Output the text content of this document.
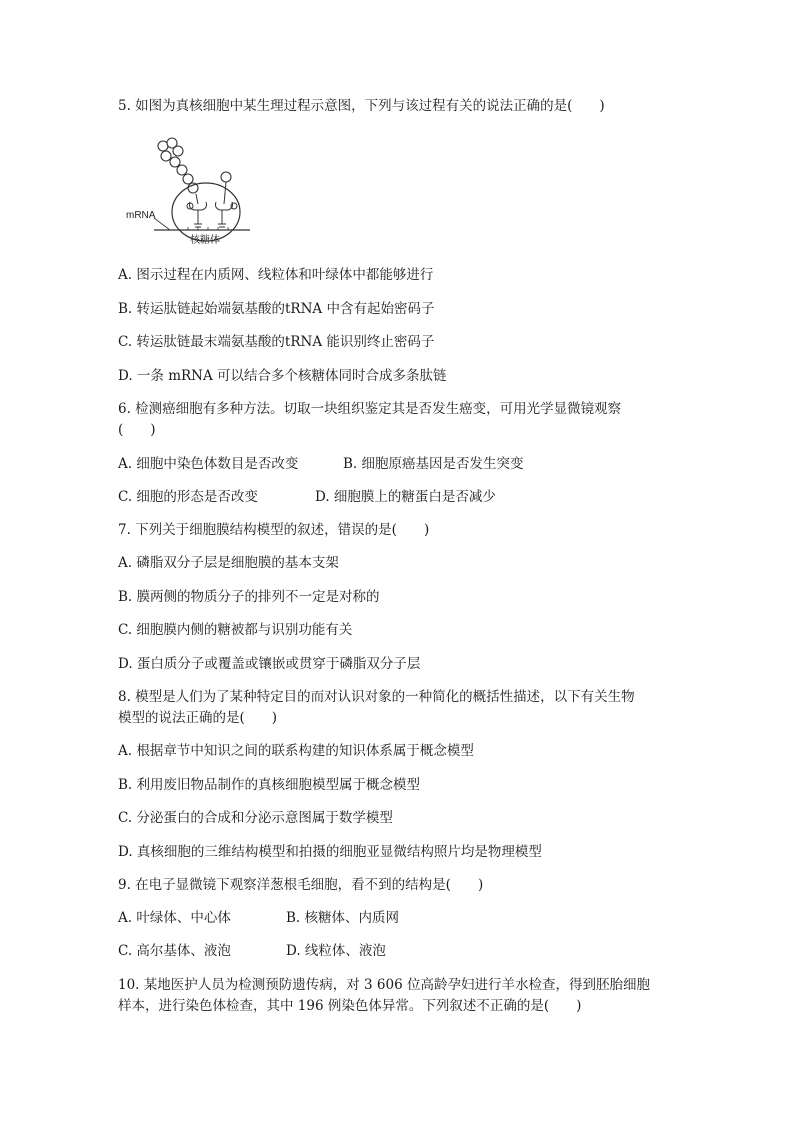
5. 如图为真核细胞中某生理过程示意图，下列与该过程有关的说法正确的是(　　)
mRNA
核糖体
A. 图示过程在内质网、线粒体和叶绿体中都能够进行
B. 转运肽链起始端氨基酸的tRNA 中含有起始密码子
C. 转运肽链最末端氨基酸的tRNA 能识别终止密码子
D. 一条 mRNA 可以结合多个核糖体同时合成多条肽链
6. 检测癌细胞有多种方法。切取一块组织鉴定其是否发生癌变，可用光学显微镜观察
(　　)
A. 细胞中染色体数目是否改变	B. 细胞原癌基因是否发生突变
C. 细胞的形态是否改变	D. 细胞膜上的糖蛋白是否减少
7. 下列关于细胞膜结构模型的叙述，错误的是(　　)
A. 磷脂双分子层是细胞膜的基本支架
B. 膜两侧的物质分子的排列不一定是对称的
C. 细胞膜内侧的糖被都与识别功能有关
D. 蛋白质分子或覆盖或镶嵌或贯穿于磷脂双分子层
8. 模型是人们为了某种特定目的而对认识对象的一种简化的概括性描述，以下有关生物
模型的说法正确的是(　　)
A. 根据章节中知识之间的联系构建的知识体系属于概念模型
B. 利用废旧物品制作的真核细胞模型属于概念模型
C. 分泌蛋白的合成和分泌示意图属于数学模型
D. 真核细胞的三维结构模型和拍摄的细胞亚显微结构照片均是物理模型
9. 在电子显微镜下观察洋葱根毛细胞，看不到的结构是(　　)
A. 叶绿体、中心体	B. 核糖体、内质网
C. 高尔基体、液泡	D. 线粒体、液泡
10. 某地医护人员为检测预防遗传病，对 3 606 位高龄孕妇进行羊水检查，得到胚胎细胞
样本，进行染色体检查，其中 196 例染色体异常。下列叙述不正确的是(　　)
